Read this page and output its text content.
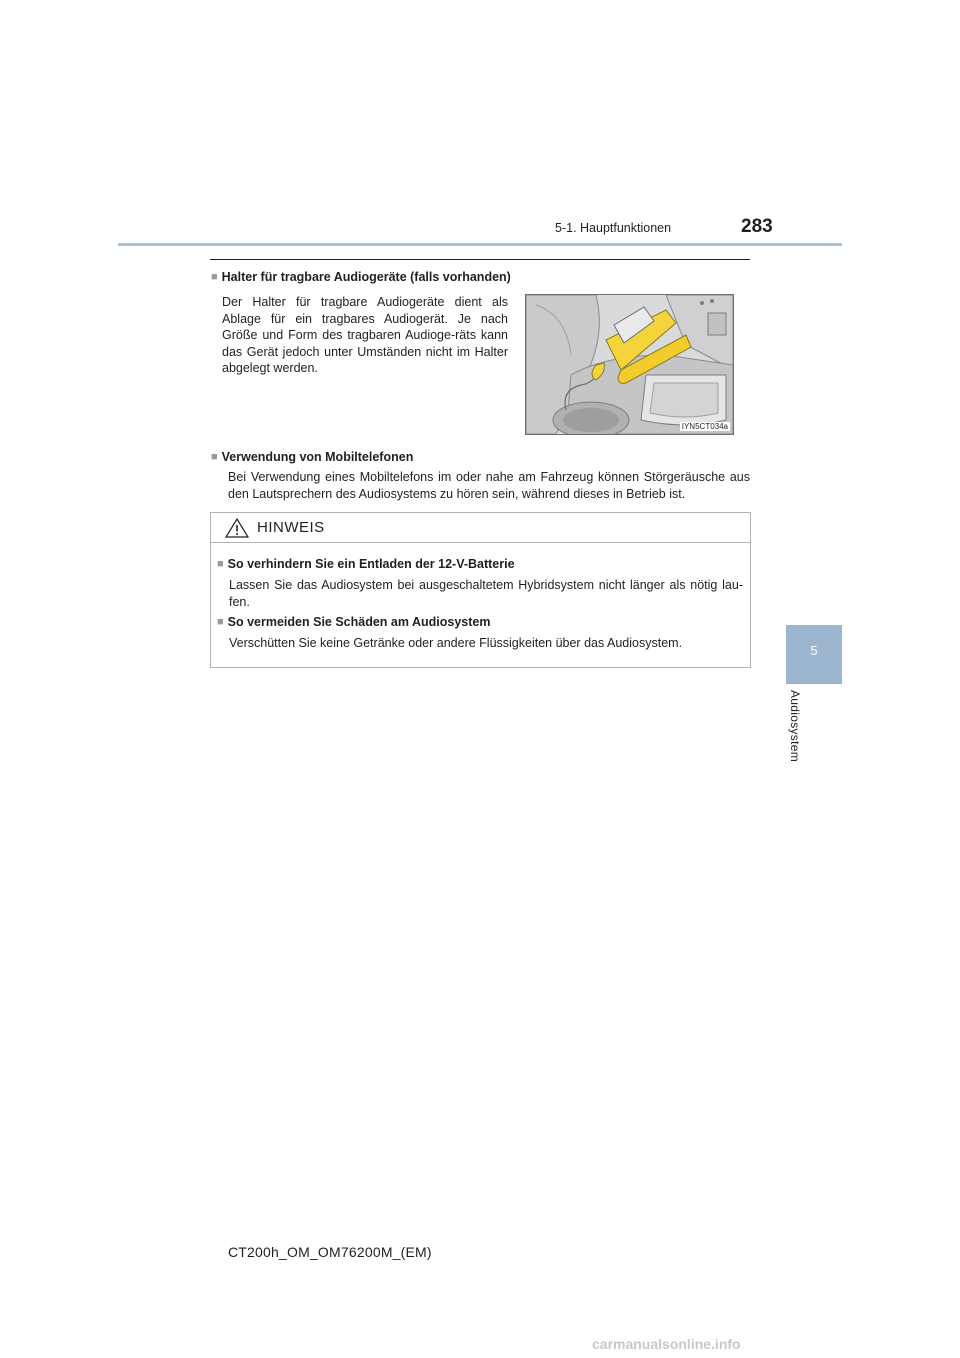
5-1. Hauptfunktionen	283
■ Halter für tragbare Audiogeräte (falls vorhanden)
Der Halter für tragbare Audiogeräte dient als Ablage für ein tragbares Audiogerät. Je nach Größe und Form des tragbaren Audioge-räts kann das Gerät jedoch unter Umständen nicht im Halter abgelegt werden.
IYN5CT034a
■ Verwendung von Mobiltelefonen
Bei Verwendung eines Mobiltelefons im oder nahe am Fahrzeug können Störgeräusche aus den Lautsprechern des Audiosystems zu hören sein, während dieses in Betrieb ist.
HINWEIS
■ So verhindern Sie ein Entladen der 12-V-Batterie
Lassen Sie das Audiosystem bei ausgeschaltetem Hybridsystem nicht länger als nötig lau-fen.
■ So vermeiden Sie Schäden am Audiosystem
Verschütten Sie keine Getränke oder andere Flüssigkeiten über das Audiosystem.	5
Audiosystem
CT200h_OM_OM76200M_(EM)
carmanualsonline.info
